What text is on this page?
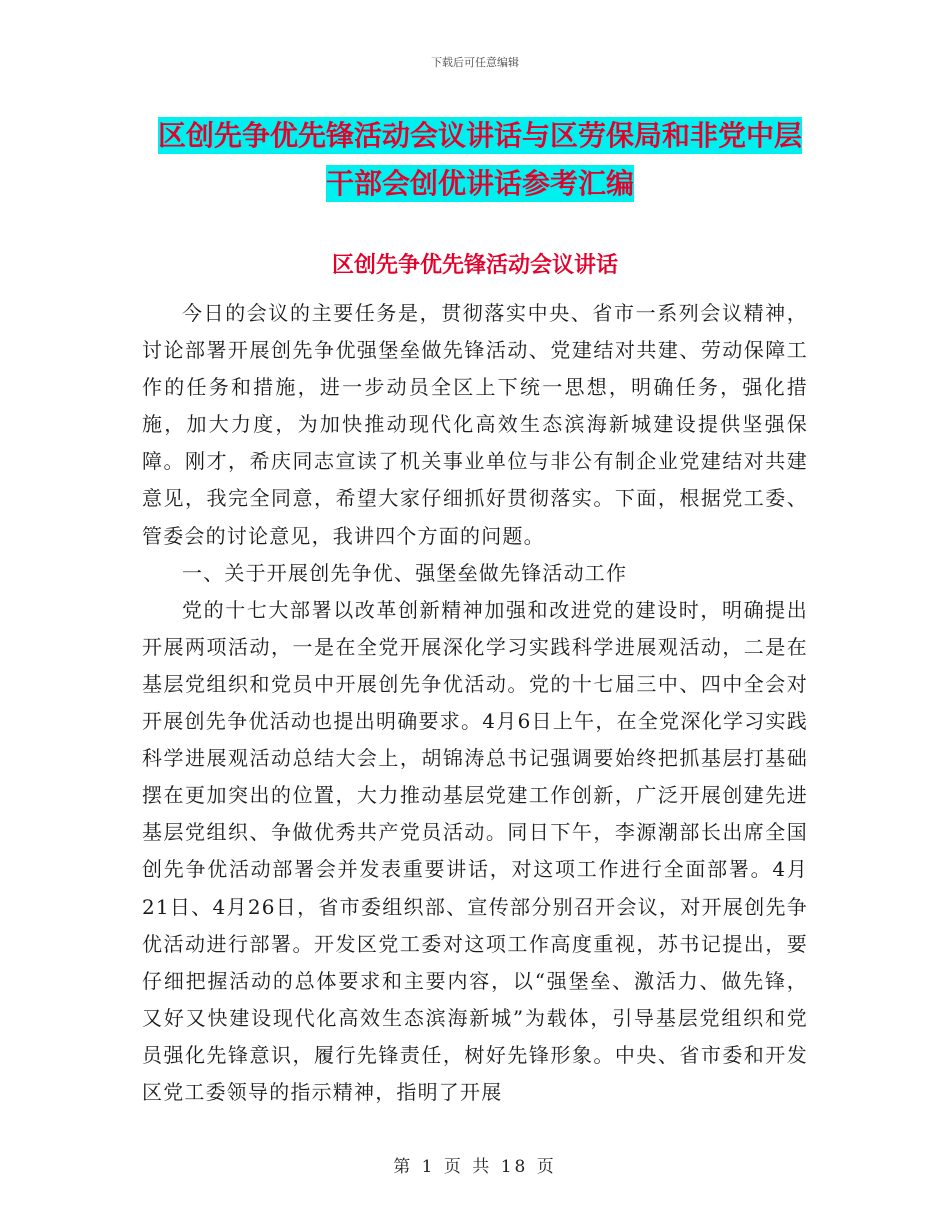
下载后可任意编辑
区创先争优先锋活动会议讲话与区劳保局和非党中层
干部会创优讲话参考汇编
区创先争优先锋活动会议讲话

今日的会议的主要任务是，贯彻落实中央、省市一系列会议精神，讨论部署开展创先争优强堡垒做先锋活动、党建结对共建、劳动保障工作的任务和措施，进一步动员全区上下统一思想，明确任务，强化措施，加大力度，为加快推动现代化高效生态滨海新城建设提供坚强保障。刚才，希庆同志宣读了机关事业单位与非公有制企业党建结对共建意见，我完全同意，希望大家仔细抓好贯彻落实。下面，根据党工委、管委会的讨论意见，我讲四个方面的问题。

一、关于开展创先争优、强堡垒做先锋活动工作

党的十七大部署以改革创新精神加强和改进党的建设时，明确提出开展两项活动，一是在全党开展深化学习实践科学进展观活动，二是在基层党组织和党员中开展创先争优活动。党的十七届三中、四中全会对开展创先争优活动也提出明确要求。4月6日上午，在全党深化学习实践科学进展观活动总结大会上，胡锦涛总书记强调要始终把抓基层打基础摆在更加突出的位置，大力推动基层党建工作创新，广泛开展创建先进基层党组织、争做优秀共产党员活动。同日下午，李源潮部长出席全国创先争优活动部署会并发表重要讲话，对这项工作进行全面部署。4月21日、4月26日，省市委组织部、宣传部分别召开会议，对开展创先争优活动进行部署。开发区党工委对这项工作高度重视，苏书记提出，要仔细把握活动的总体要求和主要内容，以“强堡垒、激活力、做先锋，又好又快建设现代化高效生态滨海新城”为载体，引导基层党组织和党员强化先锋意识，履行先锋责任，树好先锋形象。中央、省市委和开发区党工委领导的指示精神，指明了开展

第 1 页 共 18 页
